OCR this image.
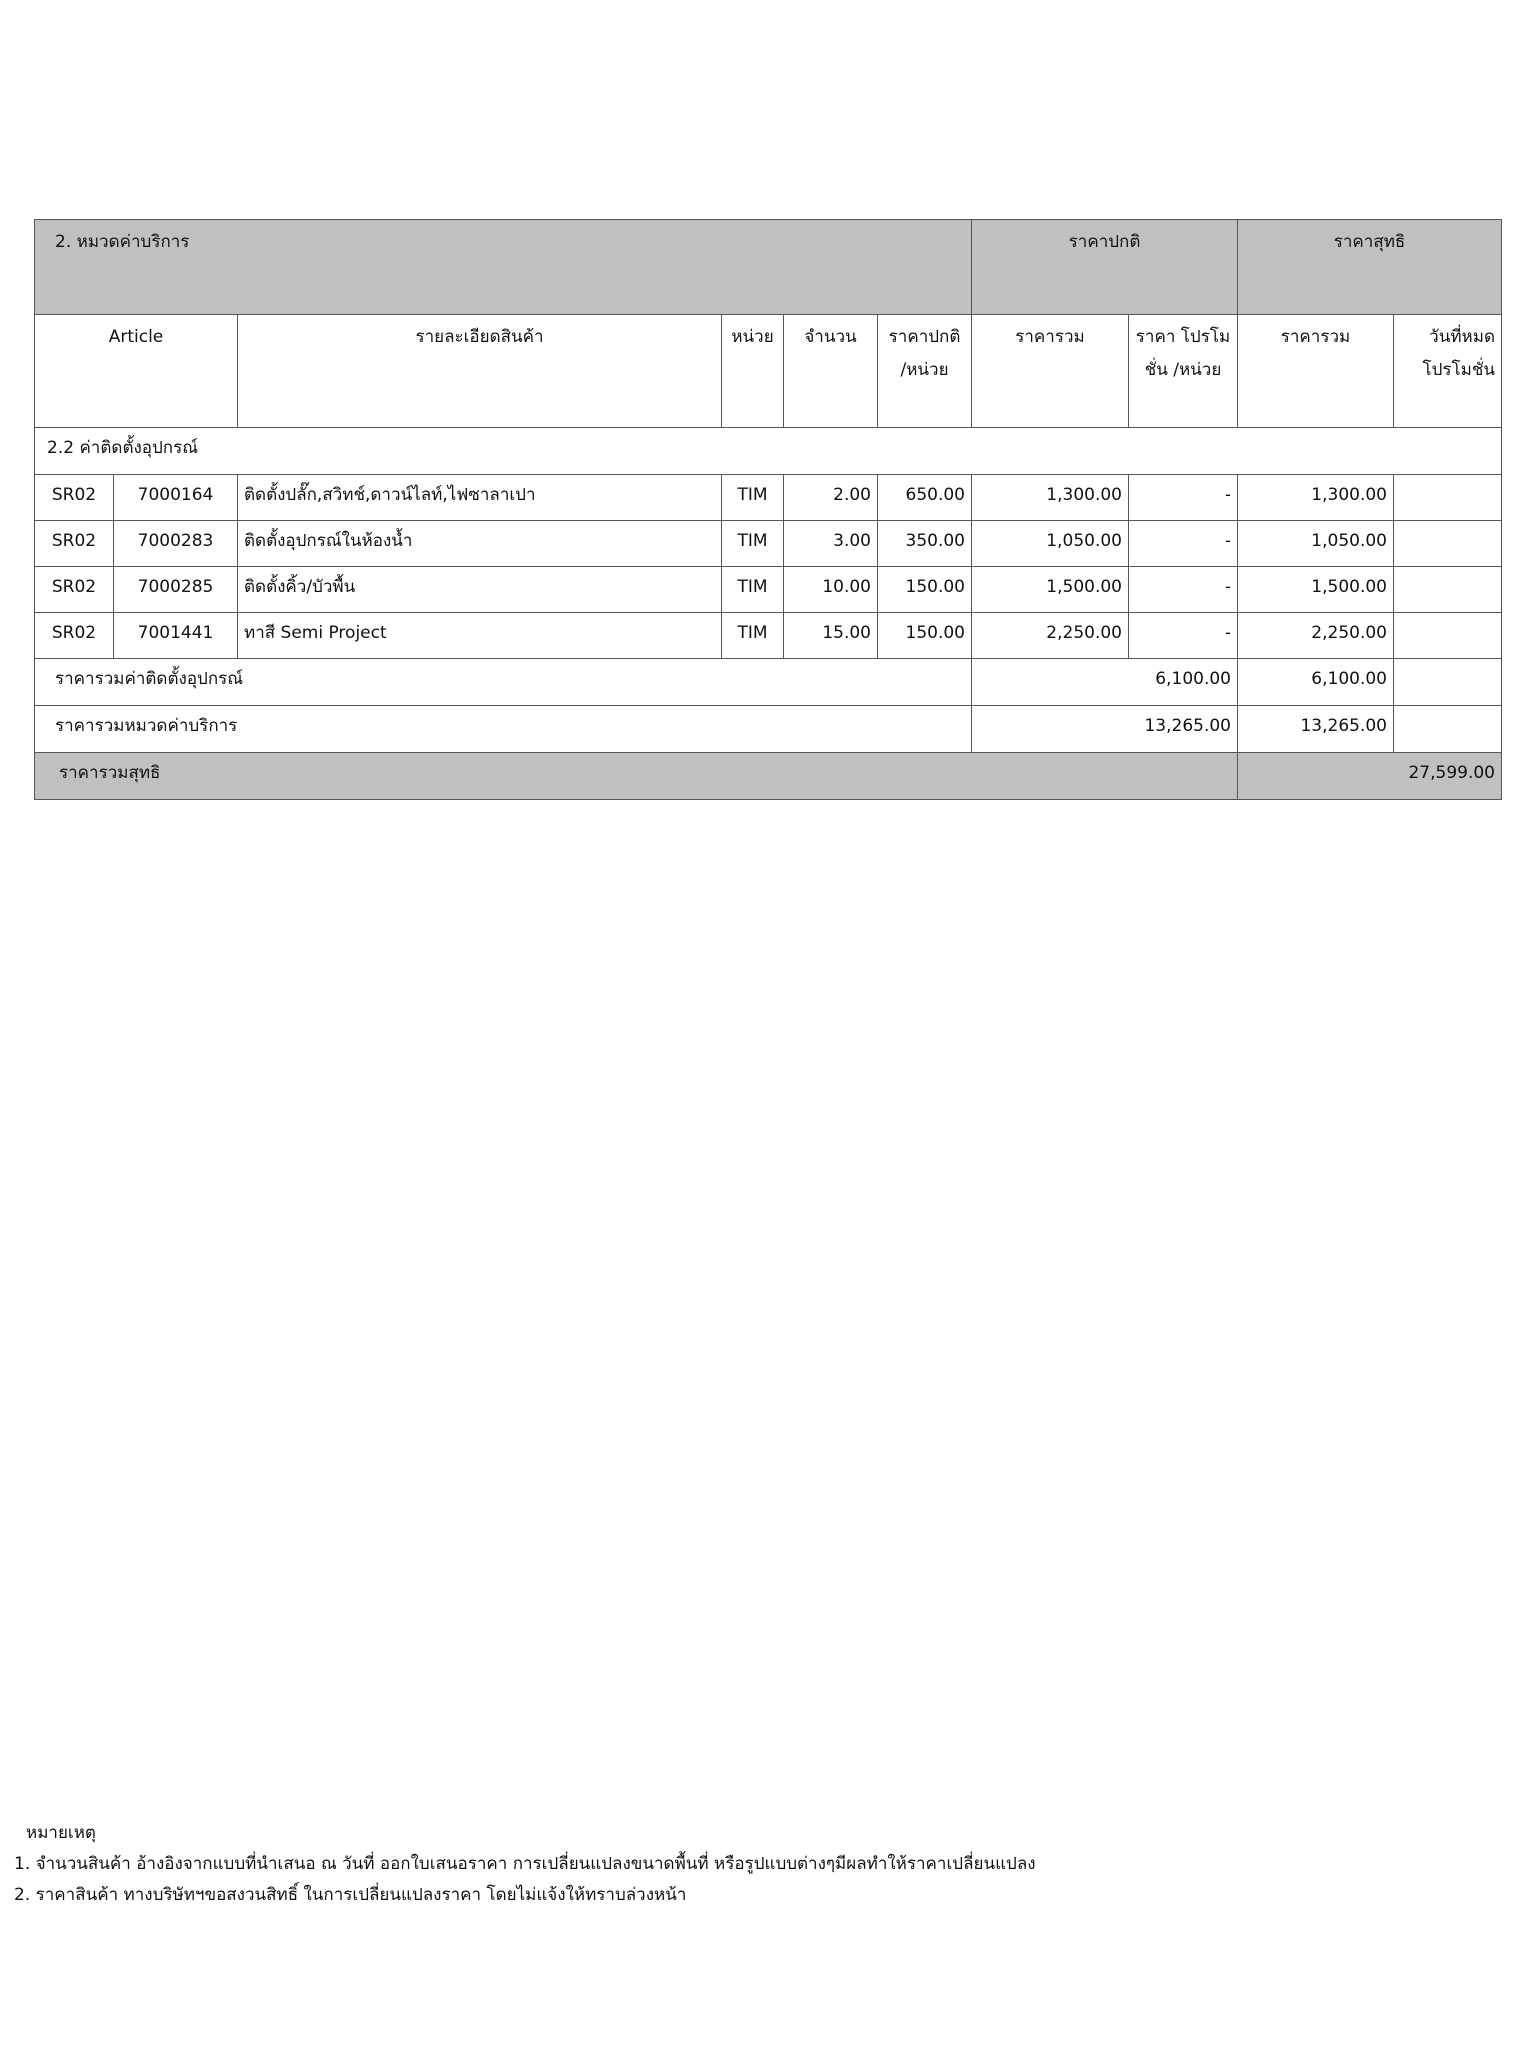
2. หมวดค่าบริการ						ราคาปกติ		ราคาสุทธิ	
Article		รายละเอียดสินค้า	หน่วย	จำนวน	ราคาปกติ /หน่วย	ราคารวม	ราคา โปรโมชั่น /หน่วย	ราคารวม	วันที่หมด โปรโมชั่น
2.2 ค่าติดตั้งอุปกรณ์									
SR02	7000164	ติดตั้งปลั๊ก,สวิทช์,ดาวน์ไลท์,ไฟซาลาเปา	TIM	2.00	650.00	1,300.00	-	1,300.00	
SR02	7000283	ติดตั้งอุปกรณ์ในห้องน้ำ	TIM	3.00	350.00	1,050.00	-	1,050.00	
SR02	7000285	ติดตั้งคิ้ว/บัวพื้น	TIM	10.00	150.00	1,500.00	-	1,500.00	
SR02	7001441	ทาสี Semi Project	TIM	15.00	150.00	2,250.00	-	2,250.00	
ราคารวมค่าติดตั้งอุปกรณ์						6,100.00		6,100.00	
ราคารวมหมวดค่าบริการ						13,265.00		13,265.00	
ราคารวมสุทธิ								27,599.00	
หมายเหตุ
1. จำนวนสินค้า อ้างอิงจากแบบที่นำเสนอ ณ วันที่ ออกใบเสนอราคา การเปลี่ยนแปลงขนาดพื้นที่ หรือรูปแบบต่างๆมีผลทำให้ราคาเปลี่ยนแปลง
2. ราคาสินค้า ทางบริษัทฯขอสงวนสิทธิ์ ในการเปลี่ยนแปลงราคา โดยไม่แจ้งให้ทราบล่วงหน้า
